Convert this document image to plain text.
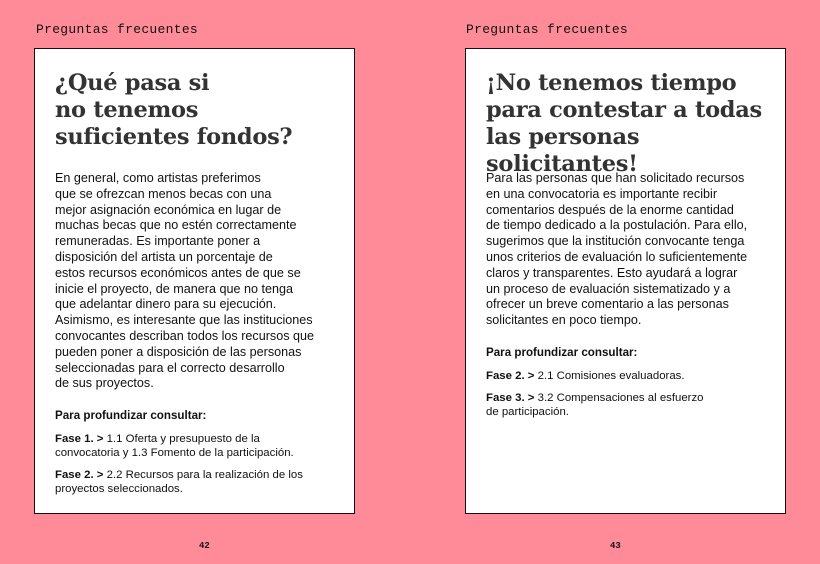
Preguntas frecuentes
¿Qué pasa si
no tenemos
suficientes fondos?

En general, como artistas preferimos
que se ofrezcan menos becas con una
mejor asignación económica en lugar de
muchas becas que no estén correctamente
remuneradas. Es importante poner a
disposición del artista un porcentaje de
estos recursos económicos antes de que se
inicie el proyecto, de manera que no tenga
que adelantar dinero para su ejecución.
Asimismo, es interesante que las instituciones
convocantes describan todos los recursos que
pueden poner a disposición de las personas
seleccionadas para el correcto desarrollo
de sus proyectos.

Para profundizar consultar:

Fase 1. > 1.1 Oferta y presupuesto de la
convocatoria y 1.3 Fomento de la participación.

Fase 2. > 2.2 Recursos para la realización de los
proyectos seleccionados.

42
Preguntas frecuentes
¡No tenemos tiempo
para contestar a todas
las personas solicitantes!

Para las personas que han solicitado recursos
en una convocatoria es importante recibir
comentarios después de la enorme cantidad
de tiempo dedicado a la postulación. Para ello,
sugerimos que la institución convocante tenga
unos criterios de evaluación lo suficientemente
claros y transparentes. Esto ayudará a lograr
un proceso de evaluación sistematizado y a
ofrecer un breve comentario a las personas
solicitantes en poco tiempo.

Para profundizar consultar:

Fase 2. > 2.1 Comisiones evaluadoras.

Fase 3. > 3.2 Compensaciones al esfuerzo
de participación.

43
